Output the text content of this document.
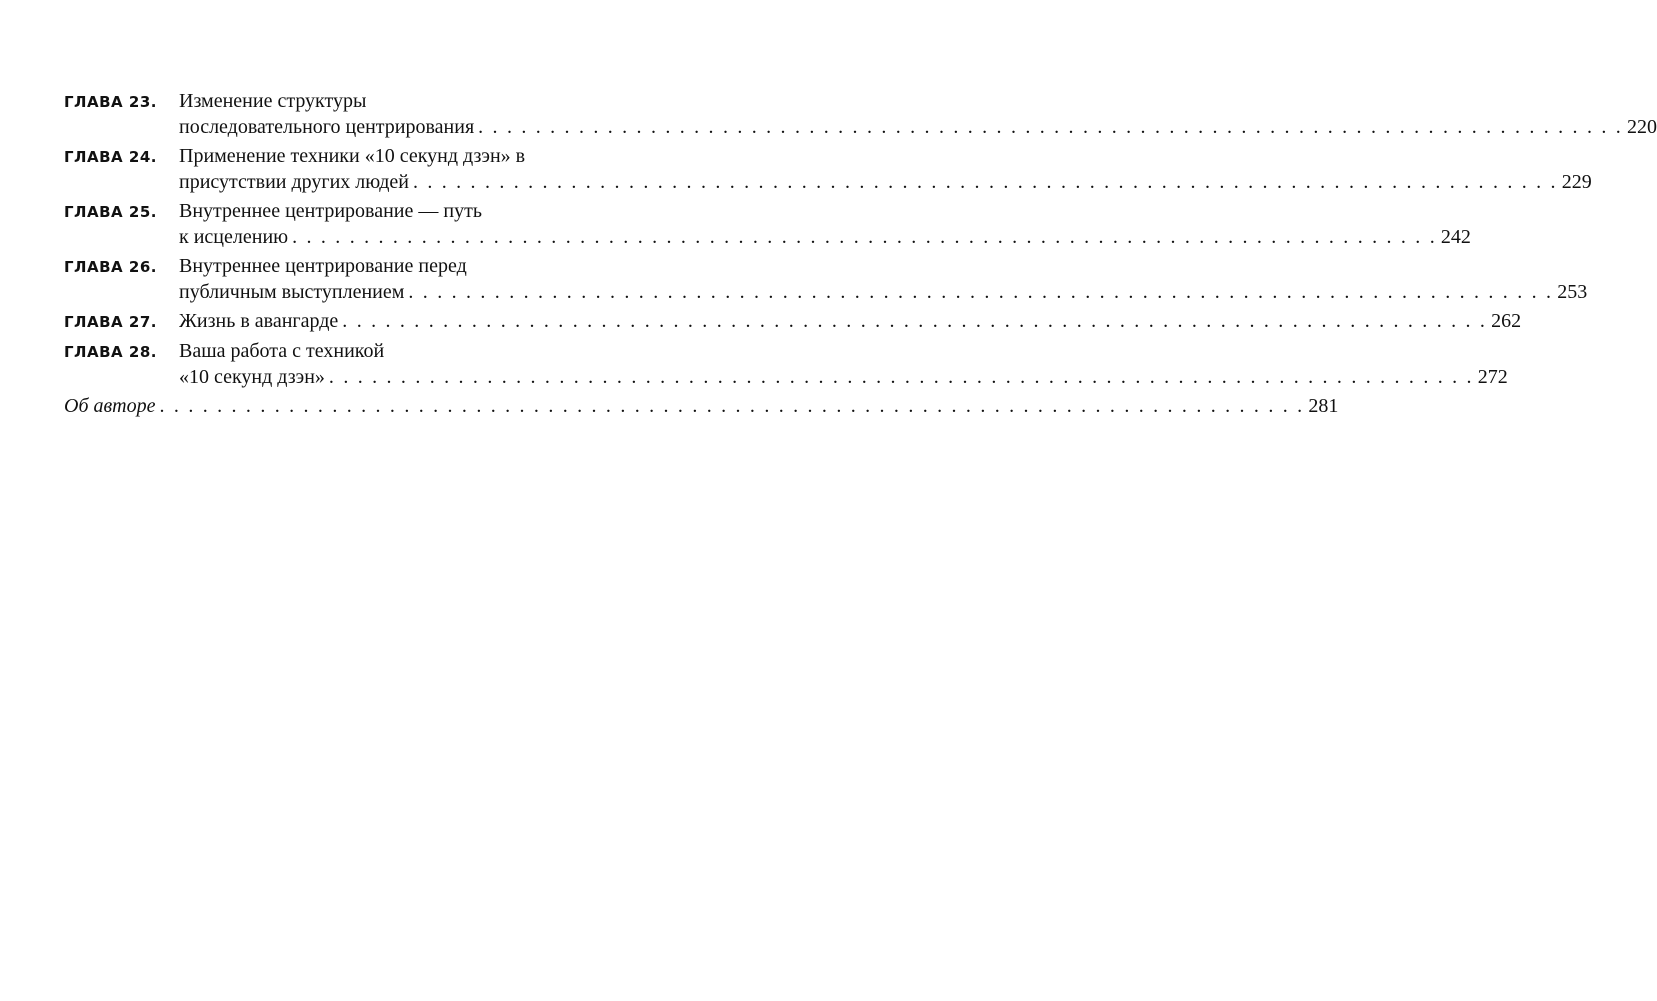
ГЛАВА 23.	Изменение структуры
последовательного центрирования . . . . . . . . . . . . . . . . . . . . . . . . . . . . . . . . . . . . . . . . . . . . . . . . . . . . . . . . . . . . . . . . . . . . . . . . . . . . . . . . 220
ГЛАВА 24.	Применение техники «10 секунд дзэн» в
присутствии других людей . . . . . . . . . . . . . . . . . . . . . . . . . . . . . . . . . . . . . . . . . . . . . . . . . . . . . . . . . . . . . . . . . . . . . . . . . . . . . . . . 229
ГЛАВА 25.	Внутреннее центрирование — путь
к исцелению . . . . . . . . . . . . . . . . . . . . . . . . . . . . . . . . . . . . . . . . . . . . . . . . . . . . . . . . . . . . . . . . . . . . . . . . . . . . . . . . 242
ГЛАВА 26.	Внутреннее центрирование перед
публичным выступлением . . . . . . . . . . . . . . . . . . . . . . . . . . . . . . . . . . . . . . . . . . . . . . . . . . . . . . . . . . . . . . . . . . . . . . . . . . . . . . . . 253
ГЛАВА 27.	Жизнь в авангарде . . . . . . . . . . . . . . . . . . . . . . . . . . . . . . . . . . . . . . . . . . . . . . . . . . . . . . . . . . . . . . . . . . . . . . . . . . . . . . . . 262
ГЛАВА 28.	Ваша работа с техникой
«10 секунд дзэн» . . . . . . . . . . . . . . . . . . . . . . . . . . . . . . . . . . . . . . . . . . . . . . . . . . . . . . . . . . . . . . . . . . . . . . . . . . . . . . . . 272
Об авторе . . . . . . . . . . . . . . . . . . . . . . . . . . . . . . . . . . . . . . . . . . . . . . . . . . . . . . . . . . . . . . . . . . . . . . . . . . . . . . . . 281
